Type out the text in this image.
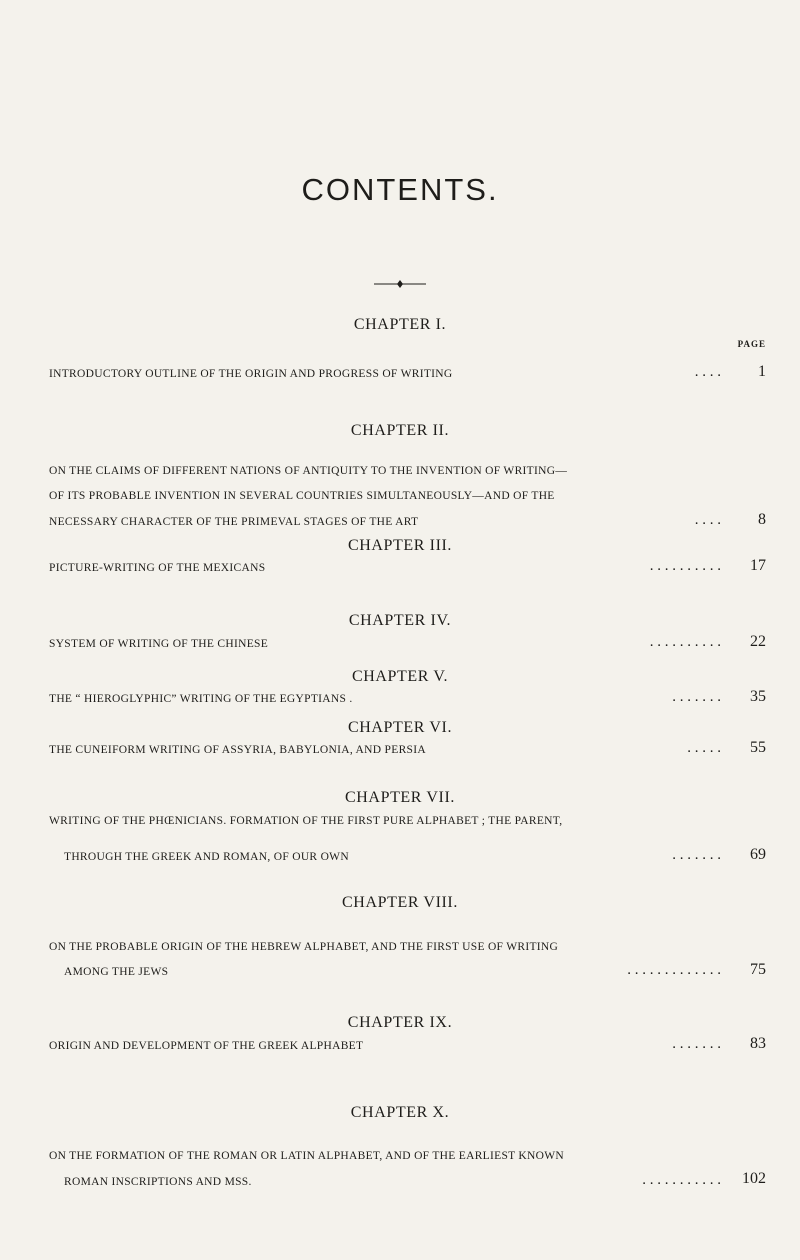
CONTENTS.
PAGE
CHAPTER I.
INTRODUCTORY OUTLINE OF THE ORIGIN AND PROGRESS OF WRITING	. . . .	1
CHAPTER II.
ON THE CLAIMS OF DIFFERENT NATIONS OF ANTIQUITY TO THE INVENTION OF WRITING—
OF ITS PROBABLE INVENTION IN SEVERAL COUNTRIES SIMULTANEOUSLY—AND OF THE
NECESSARY CHARACTER OF THE PRIMEVAL STAGES OF THE ART	. . . .	8
CHAPTER III.
PICTURE-WRITING OF THE MEXICANS	. . . . . . . . . .	17
CHAPTER IV.
SYSTEM OF WRITING OF THE CHINESE	. . . . . . . . . .	22
CHAPTER V.
THE “ HIEROGLYPHIC” WRITING OF THE EGYPTIANS .	. . . . . . .	35
CHAPTER VI.
THE CUNEIFORM WRITING OF ASSYRIA, BABYLONIA, AND PERSIA	. . . . .	55
CHAPTER VII.
WRITING OF THE PHŒNICIANS. FORMATION OF THE FIRST PURE ALPHABET ; THE PARENT,
THROUGH THE GREEK AND ROMAN, OF OUR OWN	. . . . . . .	69
CHAPTER VIII.
ON THE PROBABLE ORIGIN OF THE HEBREW ALPHABET, AND THE FIRST USE OF WRITING
AMONG THE JEWS	. . . . . . . . . . . . .	75
CHAPTER IX.
ORIGIN AND DEVELOPMENT OF THE GREEK ALPHABET	. . . . . . .	83
CHAPTER X.
ON THE FORMATION OF THE ROMAN OR LATIN ALPHABET, AND OF THE EARLIEST KNOWN
ROMAN INSCRIPTIONS AND MSS.	. . . . . . . . . . .	102
